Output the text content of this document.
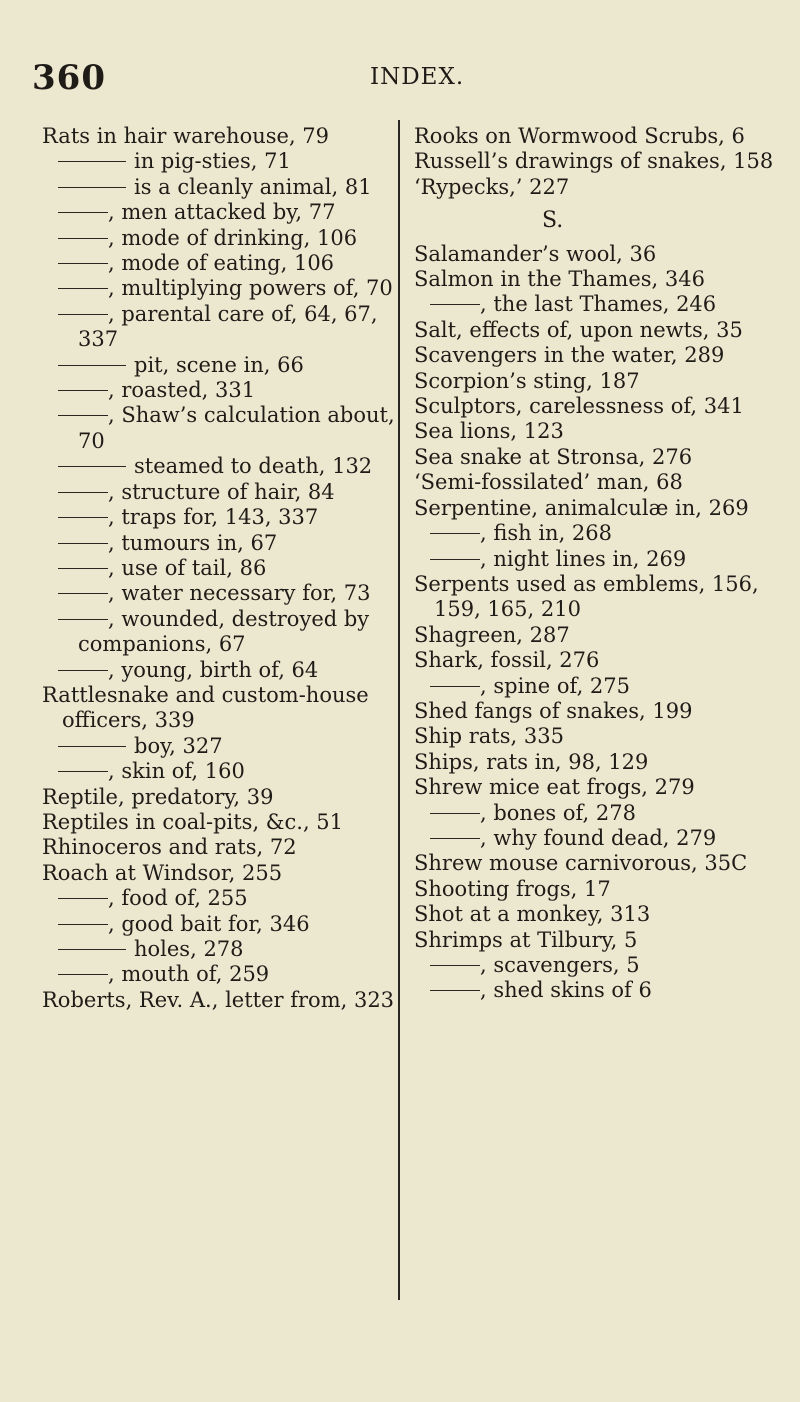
360	INDEX.

Rats in hair warehouse, 79

in pig-sties, 71

is a cleanly animal, 81

, men attacked by, 77

, mode of drinking, 106

, mode of eating, 106

, multiplying powers of, 70

, parental care of, 64, 67, 337

pit, scene in, 66

, roasted, 331

, Shaw’s calculation about, 70

steamed to death, 132

, structure of hair, 84

, traps for, 143, 337

, tumours in, 67

, use of tail, 86

, water necessary for, 73

, wounded, destroyed by companions, 67

, young, birth of, 64

Rattlesnake and custom-house officers, 339

boy, 327

, skin of, 160

Reptile, predatory, 39

Reptiles in coal-pits, &c., 51

Rhinoceros and rats, 72

Roach at Windsor, 255

, food of, 255

, good bait for, 346

holes, 278

, mouth of, 259

Roberts, Rev. A., letter from, 323

Rooks on Wormwood Scrubs, 6

Russell’s drawings of snakes, 158

‘Rypecks,’ 227

S.

Salamander’s wool, 36

Salmon in the Thames, 346

, the last Thames, 246

Salt, effects of, upon newts, 35

Scavengers in the water, 289

Scorpion’s sting, 187

Sculptors, carelessness of, 341

Sea lions, 123

Sea snake at Stronsa, 276

‘Semi-fossilated’ man, 68

Serpentine, animalculæ in, 269

, fish in, 268

, night lines in, 269

Serpents used as emblems, 156, 159, 165, 210

Shagreen, 287

Shark, fossil, 276

, spine of, 275

Shed fangs of snakes, 199

Ship rats, 335

Ships, rats in, 98, 129

Shrew mice eat frogs, 279

, bones of, 278

, why found dead, 279

Shrew mouse carnivorous, 35C

Shooting frogs, 17

Shot at a monkey, 313

Shrimps at Tilbury, 5

, scavengers, 5

, shed skins of 6
